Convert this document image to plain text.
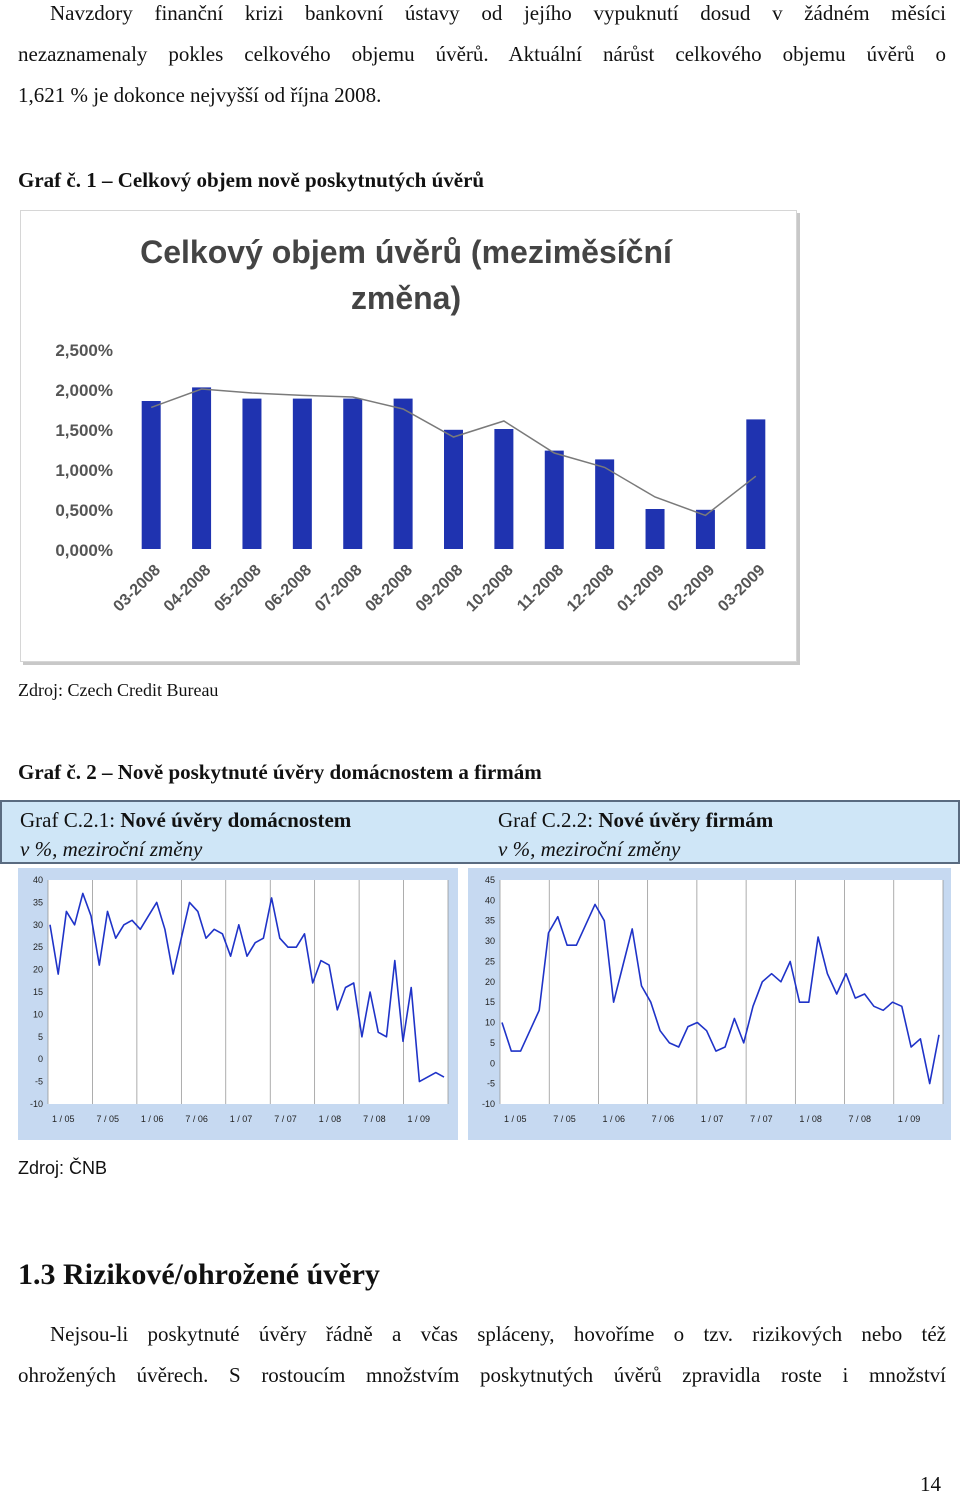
Navzdory finanční krizi bankovní ústavy od jejího vypuknutí dosud v žádném měsíci

nezaznamenaly pokles celkového objemu úvěrů. Aktuální nárůst celkového objemu úvěrů o

1,621 % je dokonce nejvyšší od října 2008.

Graf č. 1 – Celkový objem nově poskytnutých úvěrů
Celkový objem úvěrů (meziměsíční
změna)
0,000%
0,500%
1,000%
1,500%
2,000%
2,500%
03-2008
04-2008
05-2008
06-2008
07-2008
08-2008
09-2008
10-2008
11-2008
12-2008
01-2009
02-2009
03-2009
Zdroj: Czech Credit Bureau
Graf č. 2 – Nově poskytnuté úvěry domácnostem a firmám
Graf C.2.1: Nové úvěry domácnostem
v %, meziroční změny
Graf C.2.2: Nové úvěry firmám
v %, meziroční změny
40
35
30
25
20
15
10
5
0
-5
-10
1 / 05 7 / 05 1 / 06 7 / 06 1 / 07 7 / 07 1 / 08 7 / 08 1 / 09
45
40
35
30
25
20
15
10
5
0
-5
-10
1 / 05	7 / 05	1 / 06	7 / 06	1 / 07	7 / 07	1 / 08	7 / 08	1 / 09
Zdroj: ČNB
1.3 Rizikové/ohrožené úvěry

Nejsou-li poskytnuté úvěry řádně a včas spláceny, hovoříme o tzv. rizikových nebo též

ohrožených úvěrech. S rostoucím množstvím poskytnutých úvěrů zpravidla roste i množství

14
